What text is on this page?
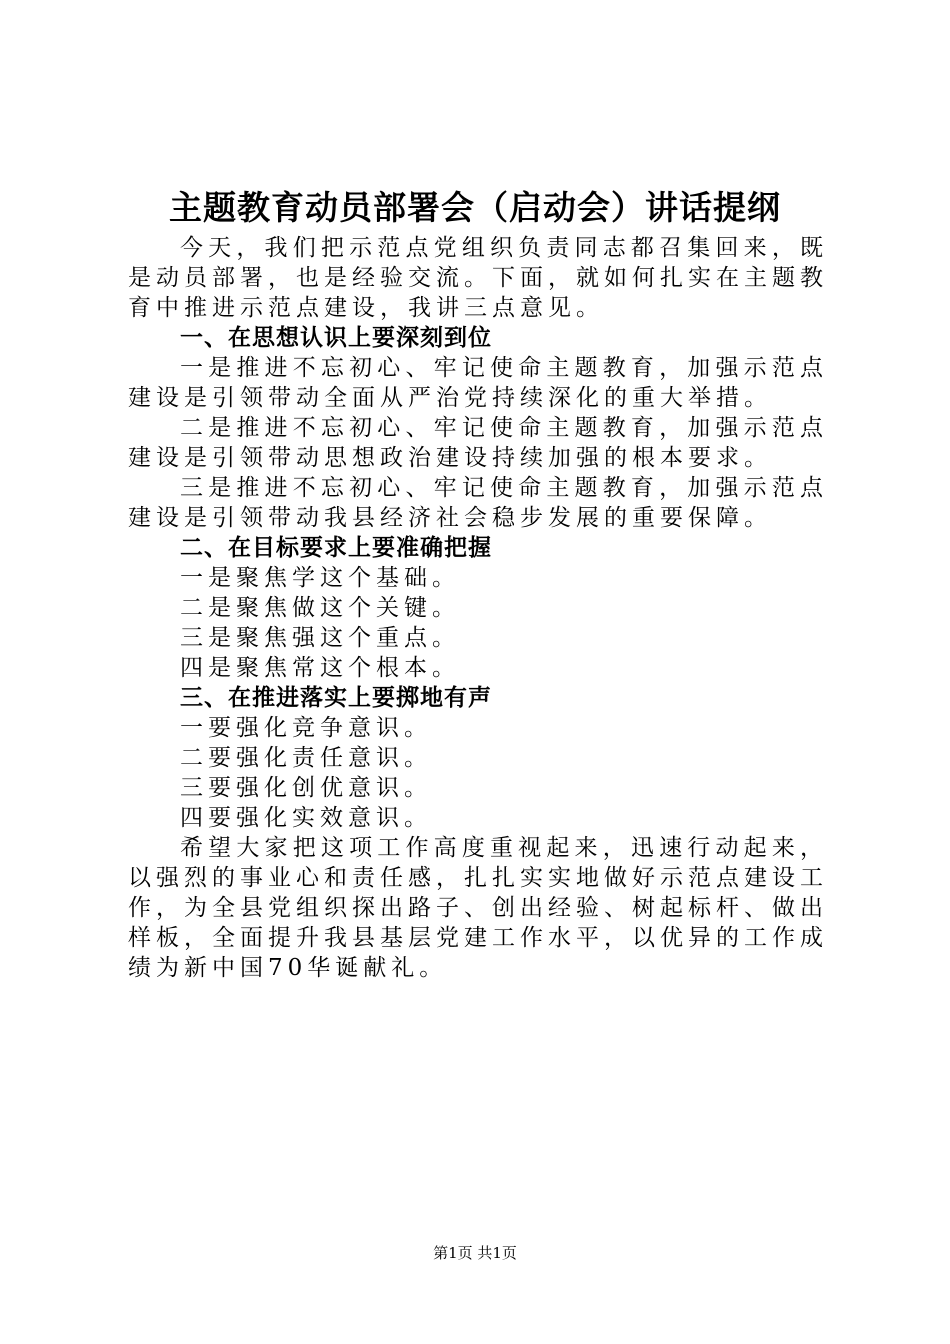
主题教育动员部署会（启动会）讲话提纲

今天，我们把示范点党组织负责同志都召集回来，既是动员部署，也是经验交流。下面，就如何扎实在主题教育中推进示范点建设，我讲三点意见。

一、在思想认识上要深刻到位

一是推进不忘初心、牢记使命主题教育，加强示范点建设是引领带动全面从严治党持续深化的重大举措。

二是推进不忘初心、牢记使命主题教育，加强示范点建设是引领带动思想政治建设持续加强的根本要求。

三是推进不忘初心、牢记使命主题教育，加强示范点建设是引领带动我县经济社会稳步发展的重要保障。

二、在目标要求上要准确把握

一是聚焦学这个基础。

二是聚焦做这个关键。

三是聚焦强这个重点。

四是聚焦常这个根本。

三、在推进落实上要掷地有声

一要强化竞争意识。

二要强化责任意识。

三要强化创优意识。

四要强化实效意识。

希望大家把这项工作高度重视起来，迅速行动起来，以强烈的事业心和责任感，扎扎实实地做好示范点建设工作，为全县党组织探出路子、创出经验、树起标杆、做出样板，全面提升我县基层党建工作水平，以优异的工作成绩为新中国70华诞献礼。

第1页 共1页
